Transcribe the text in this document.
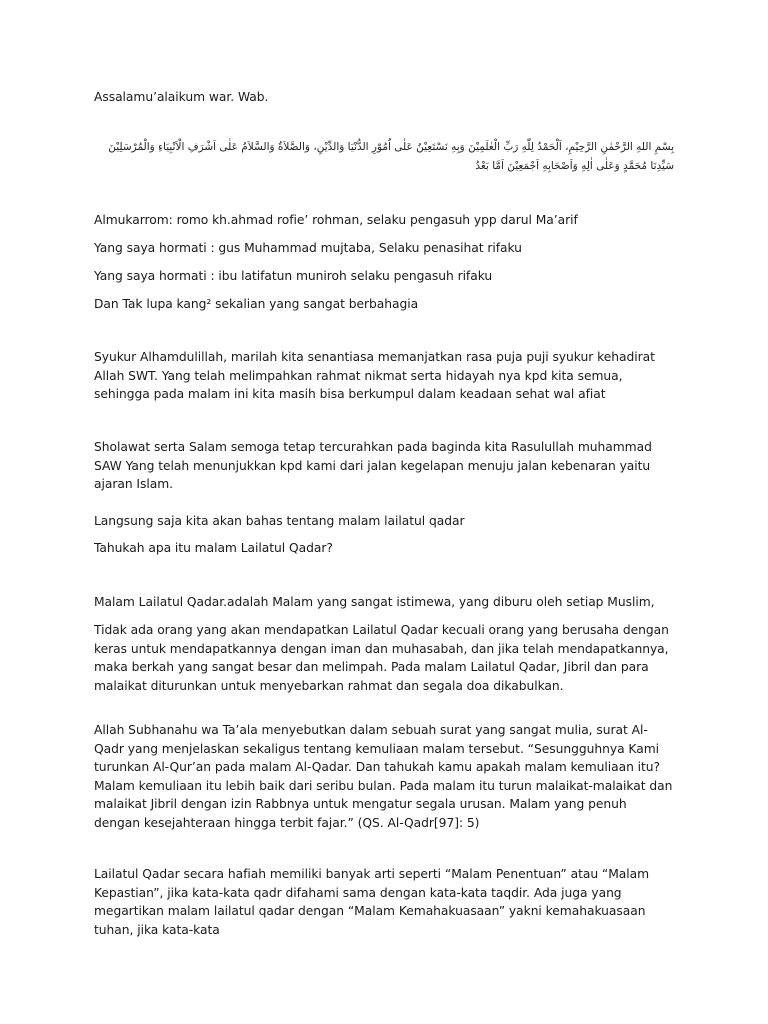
Assalamu’alaikum war. Wab.
بِسْمِ اللهِ الرَّحْمٰنِ الرَّحِيْمِ، اَلْحَمْدُ لِلّٰهِ رَبِّ الْعٰلَمِيْنَ وَبِهِ نَسْتَعِيْنُ عَلٰى اُمُوْرِ الدُّنْيَا وَالدِّيْنِ، وَالصَّلاَةُ وَالسَّلاَمُ عَلٰى اَشْرَفِ الْاَنْبِيَاءِ وَالْمُرْسَلِيْنَ سَيِّدِنَا مُحَمَّدٍ وَعَلٰى اٰلِهِ وَاَصْحَابِهِ اَجْمَعِيْنَ اَمَّا بَعْدُ
Almukarrom: romo kh.ahmad rofie’ rohman, selaku pengasuh ypp darul Ma’arif
Yang saya hormati : gus Muhammad mujtaba, Selaku penasihat rifaku
Yang saya hormati : ibu latifatun muniroh selaku pengasuh rifaku
Dan Tak lupa kang² sekalian yang sangat berbahagia
Syukur Alhamdulillah, marilah kita senantiasa memanjatkan rasa puja puji syukur kehadirat Allah SWT. Yang telah melimpahkan rahmat nikmat serta hidayah nya kpd kita semua, sehingga pada malam ini kita masih bisa berkumpul dalam keadaan sehat wal afiat
Sholawat serta Salam semoga tetap tercurahkan pada baginda kita Rasulullah muhammad SAW Yang telah menunjukkan kpd kami dari jalan kegelapan menuju jalan kebenaran yaitu ajaran Islam.
Langsung saja kita akan bahas tentang malam lailatul qadar
Tahukah apa itu malam Lailatul Qadar?
Malam Lailatul Qadar.adalah Malam yang sangat istimewa, yang diburu oleh setiap Muslim,
Tidak ada orang yang akan mendapatkan Lailatul Qadar kecuali orang yang berusaha dengan keras untuk mendapatkannya dengan iman dan muhasabah, dan jika telah mendapatkannya, maka berkah yang sangat besar dan melimpah. Pada malam Lailatul Qadar, Jibril dan para malaikat diturunkan untuk menyebarkan rahmat dan segala doa dikabulkan.
Allah Subhanahu wa Ta’ala menyebutkan dalam sebuah surat yang sangat mulia, surat Al-Qadr yang menjelaskan sekaligus tentang kemuliaan malam tersebut. “Sesungguhnya Kami turunkan Al-Qur’an pada malam Al-Qadar. Dan tahukah kamu apakah malam kemuliaan itu? Malam kemuliaan itu lebih baik dari seribu bulan. Pada malam itu turun malaikat-malaikat dan malaikat Jibril dengan izin Rabbnya untuk mengatur segala urusan. Malam yang penuh dengan kesejahteraan hingga terbit fajar.” (QS. Al-Qadr[97]: 5)
Lailatul Qadar secara hafiah memiliki banyak arti seperti “Malam Penentuan” atau “Malam Kepastian”, jika kata-kata qadr difahami sama dengan kata-kata taqdir. Ada juga yang megartikan malam lailatul qadar dengan “Malam Kemahakuasaan” yakni kemahakuasaan tuhan, jika kata-kata
